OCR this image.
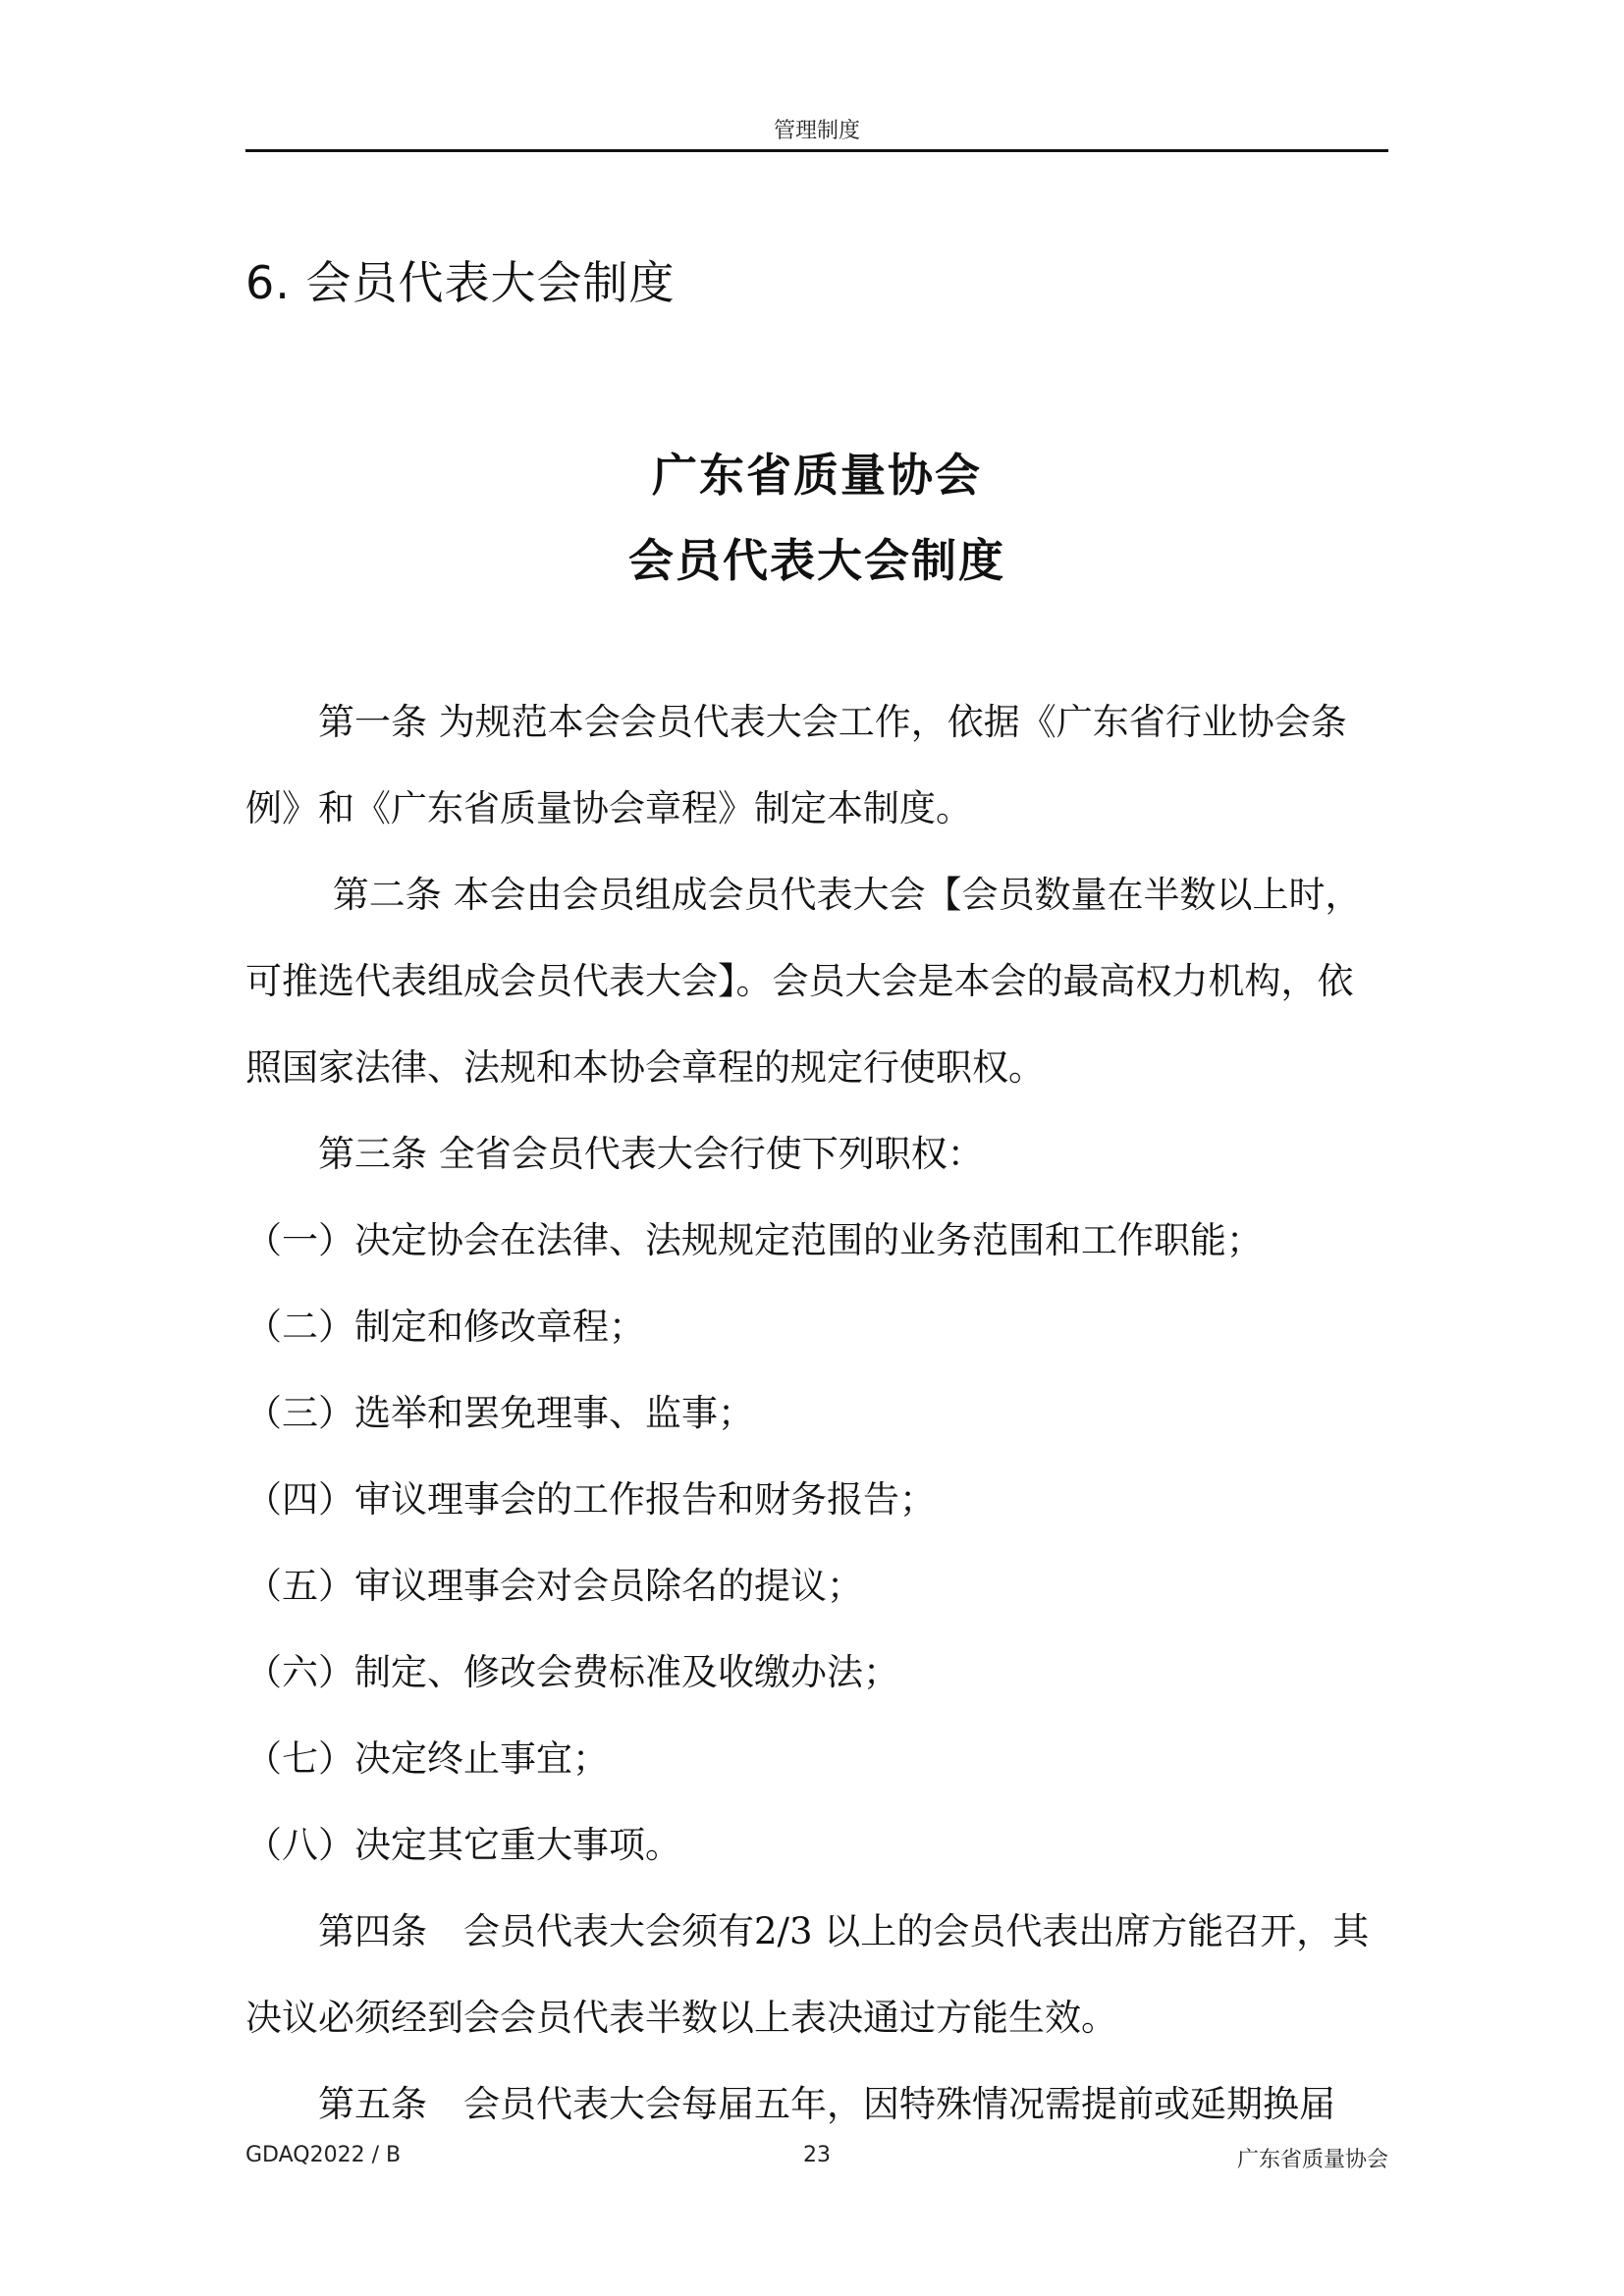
管理制度
6. 会员代表大会制度
广东省质量协会
会员代表大会制度

第一条 为规范本会会员代表大会工作，依据《广东省行业协会条例》和《广东省质量协会章程》制定本制度。

第二条 本会由会员组成会员代表大会【会员数量在半数以上时，可推选代表组成会员代表大会】。会员大会是本会的最高权力机构，依照国家法律、法规和本协会章程的规定行使职权。

第三条 全省会员代表大会行使下列职权：

（一）决定协会在法律、法规规定范围的业务范围和工作职能；

（二）制定和修改章程；

（三）选举和罢免理事、监事；

（四）审议理事会的工作报告和财务报告；

（五）审议理事会对会员除名的提议；

（六）制定、修改会费标准及收缴办法；

（七）决定终止事宜；

（八）决定其它重大事项。

第四条　会员代表大会须有2/3 以上的会员代表出席方能召开，其决议必须经到会会员代表半数以上表决通过方能生效。

第五条　会员代表大会每届五年，因特殊情况需提前或延期换届

GDAQ2022 / B	23	广东省质量协会
